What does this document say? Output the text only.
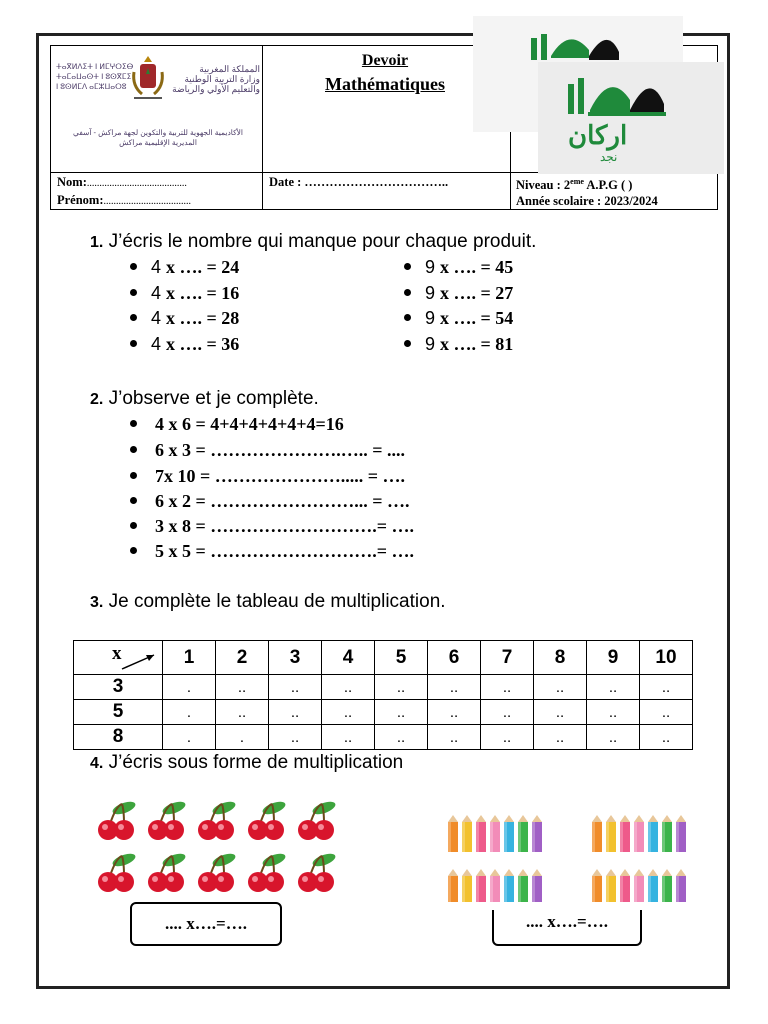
ⵜⴰⴳⵍⴷⵉⵜ ⵏ ⵍⵎⵖⵔⵉⴱ
ⵜⴰⵎⴰⵡⴰⵙⵜ ⵏ ⵓⵙⴳⵎⵉ
ⵏ ⵓⵙⵍⵎⴷ ⴰⵎⵣⵡⴰⵔⵓ
المملكة المغربية
وزارة التربية الوطنية
والتعليم الأولي والرياضة
الأكاديمية الجهوية للتربية والتكوين لجهة مراكش - آسفي
المديرية الإقليمية مراكش
Devoir
Mathématiques
Nom:........................................
Prénom:...................................
Date : ……………………………..	Niveau : 2eme A.P.G ( )
Année scolaire : 2023/2024
اركان
نجد
1. J’écris le nombre qui manque pour chaque produit.
4 x …. = 24
4 x …. = 16
4 x …. = 28
4 x …. = 36
9 x …. = 45
9 x …. = 27
9 x …. = 54
9 x …. = 81
2. J’observe et je complète.
4 x 6 = 4+4+4+4+4+4=16
6 x 3 = ………………….….. = ....
7x 10 = …………………..... = ….
6 x 2 = ……………………... = ….
3 x 8 = ……………………….= ….
5 x 5 = ……………………….= ….
3. Je complète le tableau de multiplication.
x	1	2	3	4	5	6	7	8	9	10
3	.	..	..	..	..	..	..	..	..	..
5	.	..	..	..	..	..	..	..	..	..
8	.	.	..	..	..	..	..	..	..	..
4. J’écris sous forme de multiplication
.... x….=….	.... x….=….
